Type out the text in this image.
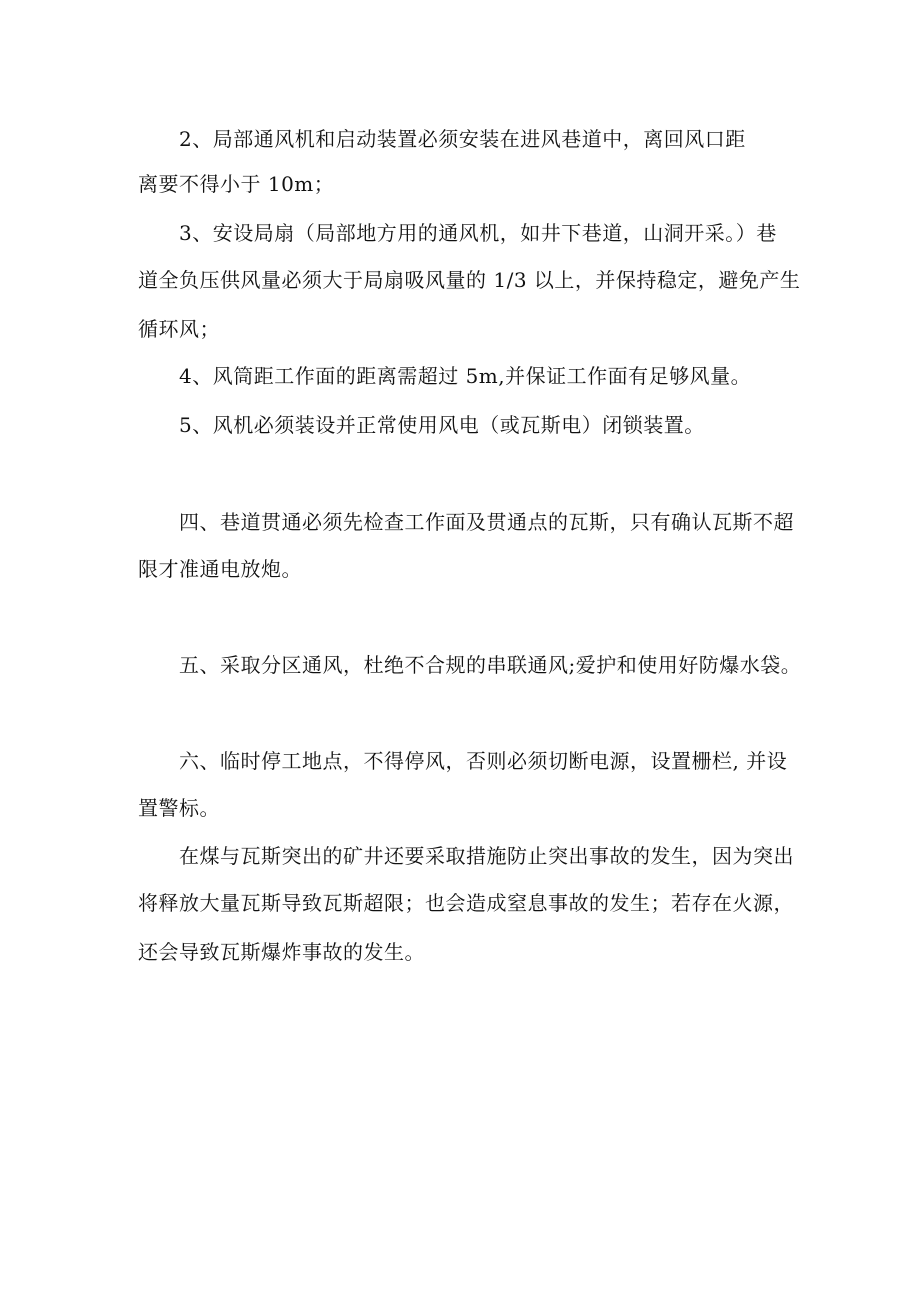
2、局部通风机和启动装置必须安装在进风巷道中，离回风口距
离要不得小于 10m；
3、安设局扇（局部地方用的通风机，如井下巷道，山洞开采。）巷
道全负压供风量必须大于局扇吸风量的 1/3 以上，并保持稳定，避免产生
循环风；
4、风筒距工作面的距离需超过 5m,并保证工作面有足够风量。
5、风机必须装设并正常使用风电（或瓦斯电）闭锁装置。
四、巷道贯通必须先检查工作面及贯通点的瓦斯，只有确认瓦斯不超
限才准通电放炮。
五、采取分区通风，杜绝不合规的串联通风;爱护和使用好防爆水袋。
六、临时停工地点，不得停风，否则必须切断电源，设置栅栏, 并设
置警标。
在煤与瓦斯突出的矿井还要采取措施防止突出事故的发生，因为突出
将释放大量瓦斯导致瓦斯超限；也会造成窒息事故的发生；若存在火源，
还会导致瓦斯爆炸事故的发生。
